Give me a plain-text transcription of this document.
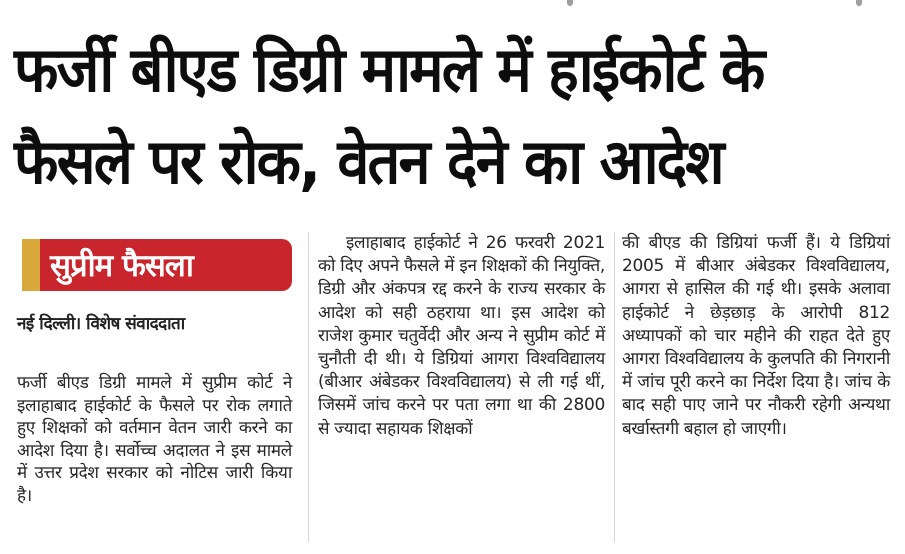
फर्जी बीएड डिग्री मामले में हाईकोर्ट के
फैसले पर रोक, वेतन देने का आदेश
सुप्रीम फैसला
नई दिल्ली। विशेष संवाददाता

फर्जी बीएड डिग्री मामले में सुप्रीम कोर्ट ने इलाहाबाद हाईकोर्ट के फैसले पर रोक लगाते हुए शिक्षकों को वर्तमान वेतन जारी करने का आदेश दिया है। सर्वोच्च अदालत ने इस मामले में उत्तर प्रदेश सरकार को नोटिस जारी किया है।

इलाहाबाद हाईकोर्ट ने 26 फरवरी 2021 को दिए अपने फैसले में इन शिक्षकों की नियुक्ति, डिग्री और अंकपत्र रद्द करने के राज्य सरकार के आदेश को सही ठहराया था। इस आदेश को राजेश कुमार चतुर्वेदी और अन्य ने सुप्रीम कोर्ट में चुनौती दी थी। ये डिग्रियां आगरा विश्वविद्यालय (बीआर अंबेडकर विश्वविद्यालय) से ली गई थीं, जिसमें जांच करने पर पता लगा था की 2800 से ज्यादा सहायक शिक्षकों

की बीएड की डिग्रियां फर्जी हैं। ये डिग्रियां 2005 में बीआर अंबेडकर विश्वविद्यालय, आगरा से हासिल की गई थी। इसके अलावा हाईकोर्ट ने छेड़छाड़ के आरोपी 812 अध्यापकों को चार महीने की राहत देते हुए आगरा विश्वविद्यालय के कुलपति की निगरानी में जांच पूरी करने का निर्देश दिया है। जांच के बाद सही पाए जाने पर नौकरी रहेगी अन्यथा बर्खास्तगी बहाल हो जाएगी।
